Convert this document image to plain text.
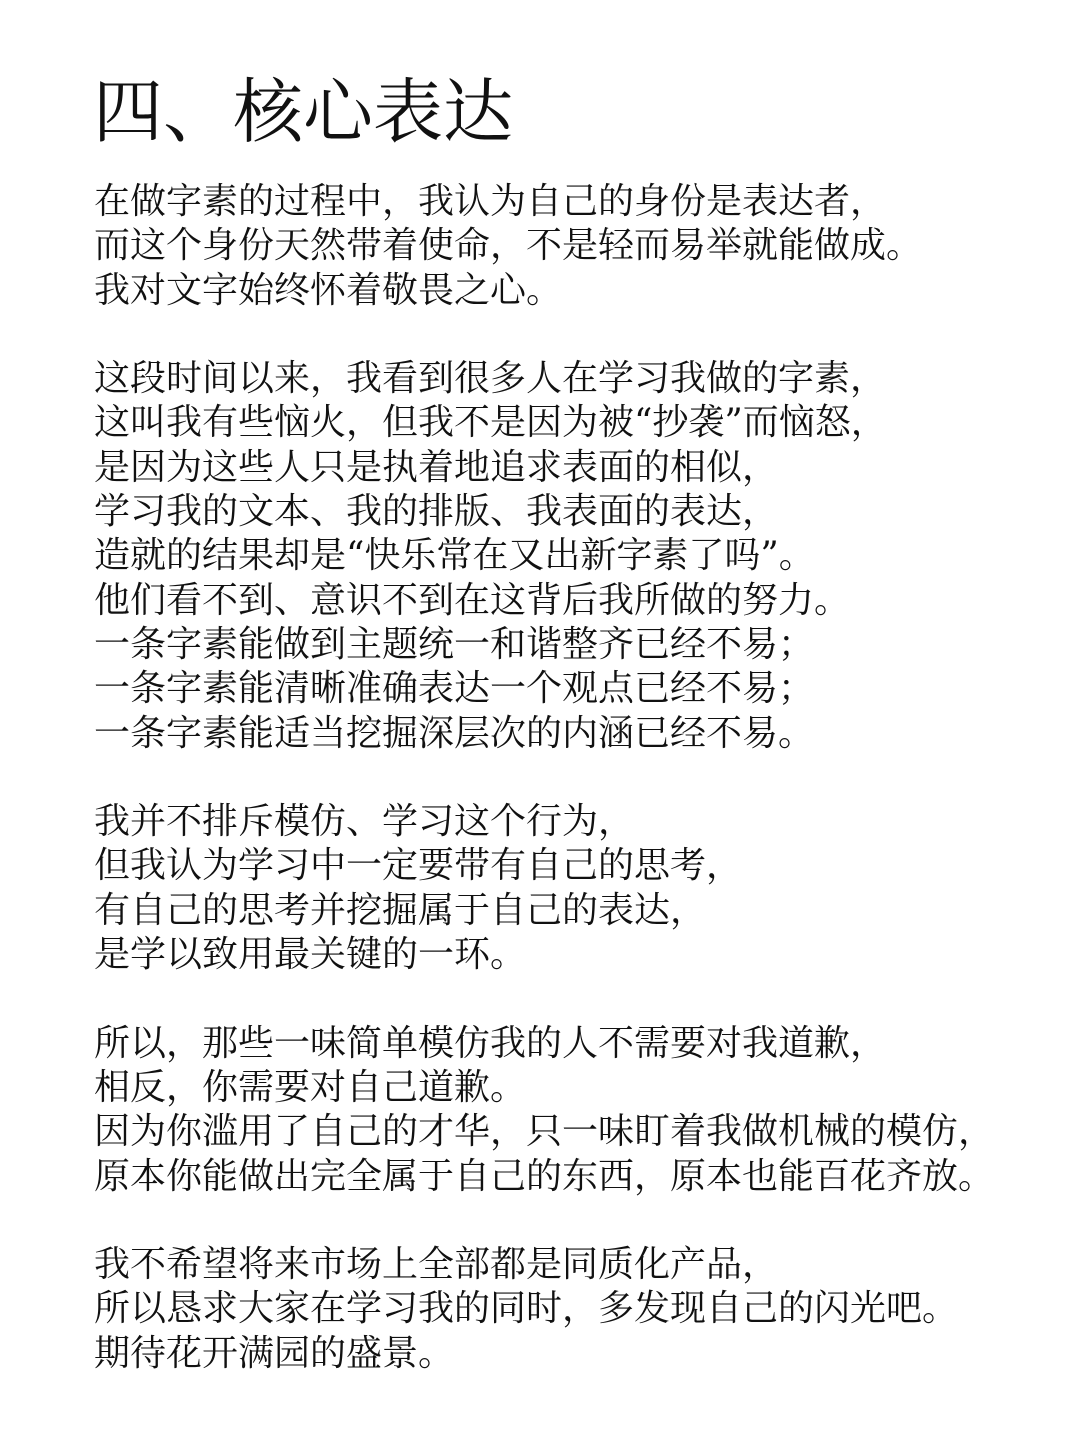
四、核心表达

在做字素的过程中，我认为自己的身份是表达者，
而这个身份天然带着使命，不是轻而易举就能做成。
我对文字始终怀着敬畏之心。

这段时间以来，我看到很多人在学习我做的字素，
这叫我有些恼火，但我不是因为被“抄袭”而恼怒，
是因为这些人只是执着地追求表面的相似，
学习我的文本、我的排版、我表面的表达，
造就的结果却是“快乐常在又出新字素了吗”。
他们看不到、意识不到在这背后我所做的努力。
一条字素能做到主题统一和谐整齐已经不易；
一条字素能清晰准确表达一个观点已经不易；
一条字素能适当挖掘深层次的内涵已经不易。

我并不排斥模仿、学习这个行为，
但我认为学习中一定要带有自己的思考，
有自己的思考并挖掘属于自己的表达，
是学以致用最关键的一环。

所以，那些一味简单模仿我的人不需要对我道歉，
相反，你需要对自己道歉。
因为你滥用了自己的才华，只一味盯着我做机械的模仿，
原本你能做出完全属于自己的东西，原本也能百花齐放。

我不希望将来市场上全部都是同质化产品，
所以恳求大家在学习我的同时，多发现自己的闪光吧。
期待花开满园的盛景。
